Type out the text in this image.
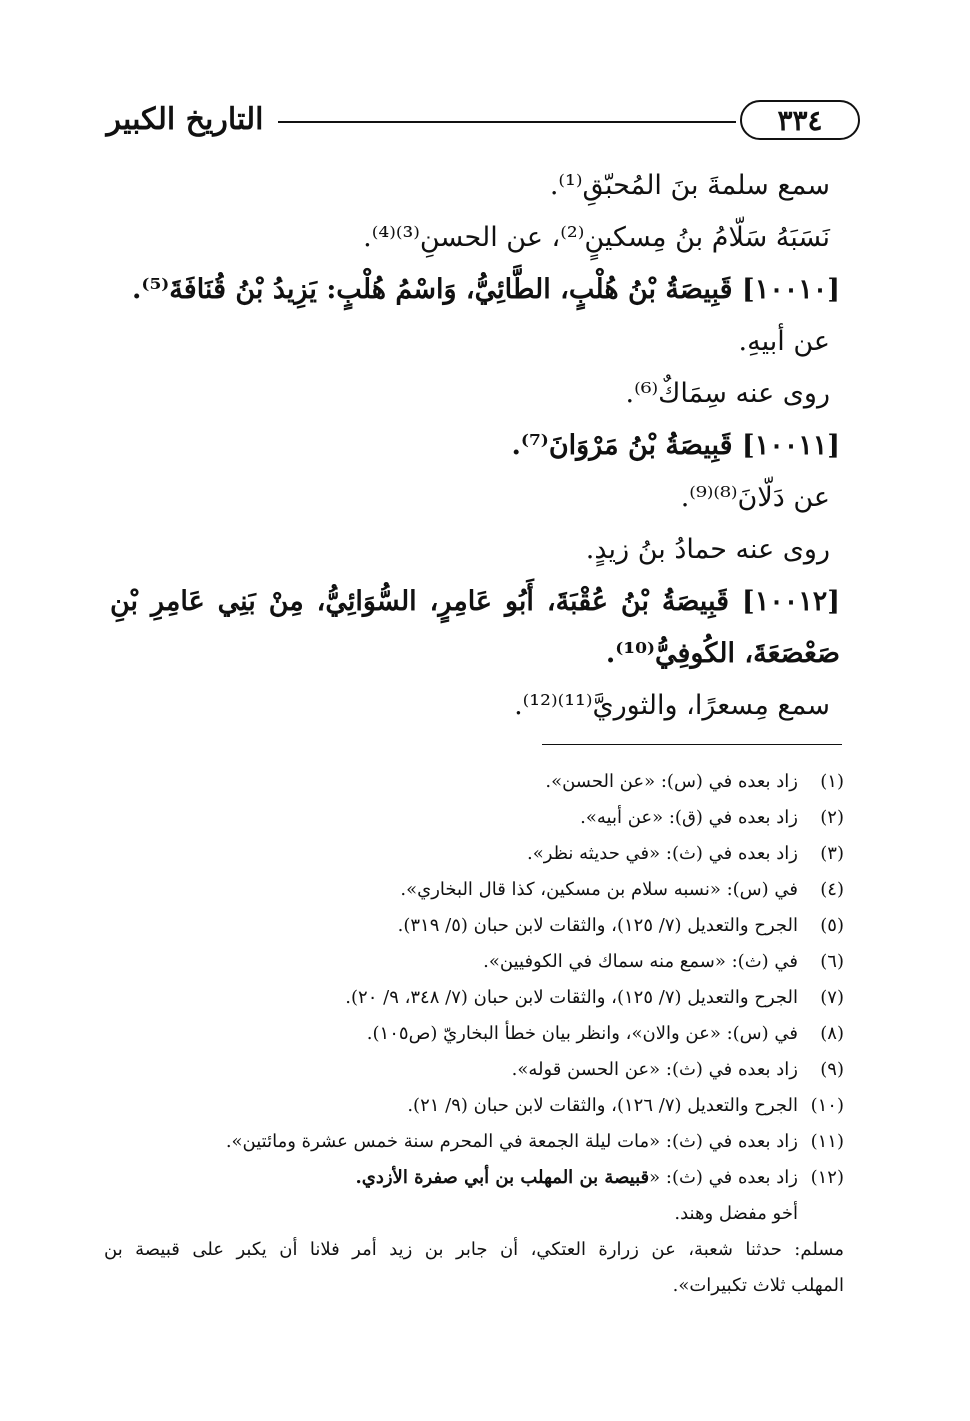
٣٣٤
التاريخ الكبير
سمع سلمةَ بنَ المُحبّقِ⁽¹⁾.
نَسَبَهُ سَلّامُ بنُ مِسكينٍ⁽²⁾، عن الحسنِ⁽³⁾⁽⁴⁾.
[١٠٠١٠] قَبِيصَةُ بْنُ هُلْبٍ، الطَّائِيُّ، وَاسْمُ هُلْبٍ: يَزِيدُ بْنُ قُنَافَةَ⁽⁵⁾.
عن أبيهِ.
روى عنه سِمَاكٌ⁽⁶⁾.
[١٠٠١١] قَبِيصَةُ بْنُ مَرْوَانَ⁽⁷⁾.
عن دَلّانَ⁽⁸⁾⁽⁹⁾.
روى عنه حمادُ بنُ زيدٍ.
[١٠٠١٢] قَبِيصَةُ بْنُ عُقْبَةَ، أَبُو عَامِرٍ، السُّوَائِيُّ، مِنْ بَنِي عَامِرِ بْنِ
صَعْصَعَةَ، الكُوفِيُّ⁽¹⁰⁾.
سمع مِسعرًا، والثوريَّ⁽¹¹⁾⁽¹²⁾.
(١)
زاد بعده في (س): «عن الحسن».
(٢)
زاد بعده في (ق): «عن أبيه».
(٣)
زاد بعده في (ث): «في حديثه نظر».
(٤)
في (س): «نسبه سلام بن مسكين، كذا قال البخاري».
(٥)
الجرح والتعديل (٧/ ١٢٥)، والثقات لابن حبان (٥/ ٣١٩).
(٦)
في (ث): «سمع منه سماك في الكوفيين».
(٧)
الجرح والتعديل (٧/ ١٢٥)، والثقات لابن حبان (٧/ ٣٤٨، ٩/ ٢٠).
(٨)
في (س): «عن والان»، وانظر بيان خطأ البخاريّ (ص١٠٥).
(٩)
زاد بعده في (ث): «عن الحسن قوله».
(١٠)
الجرح والتعديل (٧/ ١٢٦)، والثقات لابن حبان (٩/ ٢١).
(١١)
زاد بعده في (ث): «مات ليلة الجمعة في المحرم سنة خمس عشرة ومائتين».
(١٢)
زاد بعده في (ث): «قبيصة بن المهلب بن أبي صفرة الأزدي.
أخو مفضل وهند.
مسلم: حدثنا شعبة، عن زرارة العتكي، أن جابر بن زيد أمر فلانا أن يكبر على قبيصة بن
المهلب ثلاث تكبيرات».
